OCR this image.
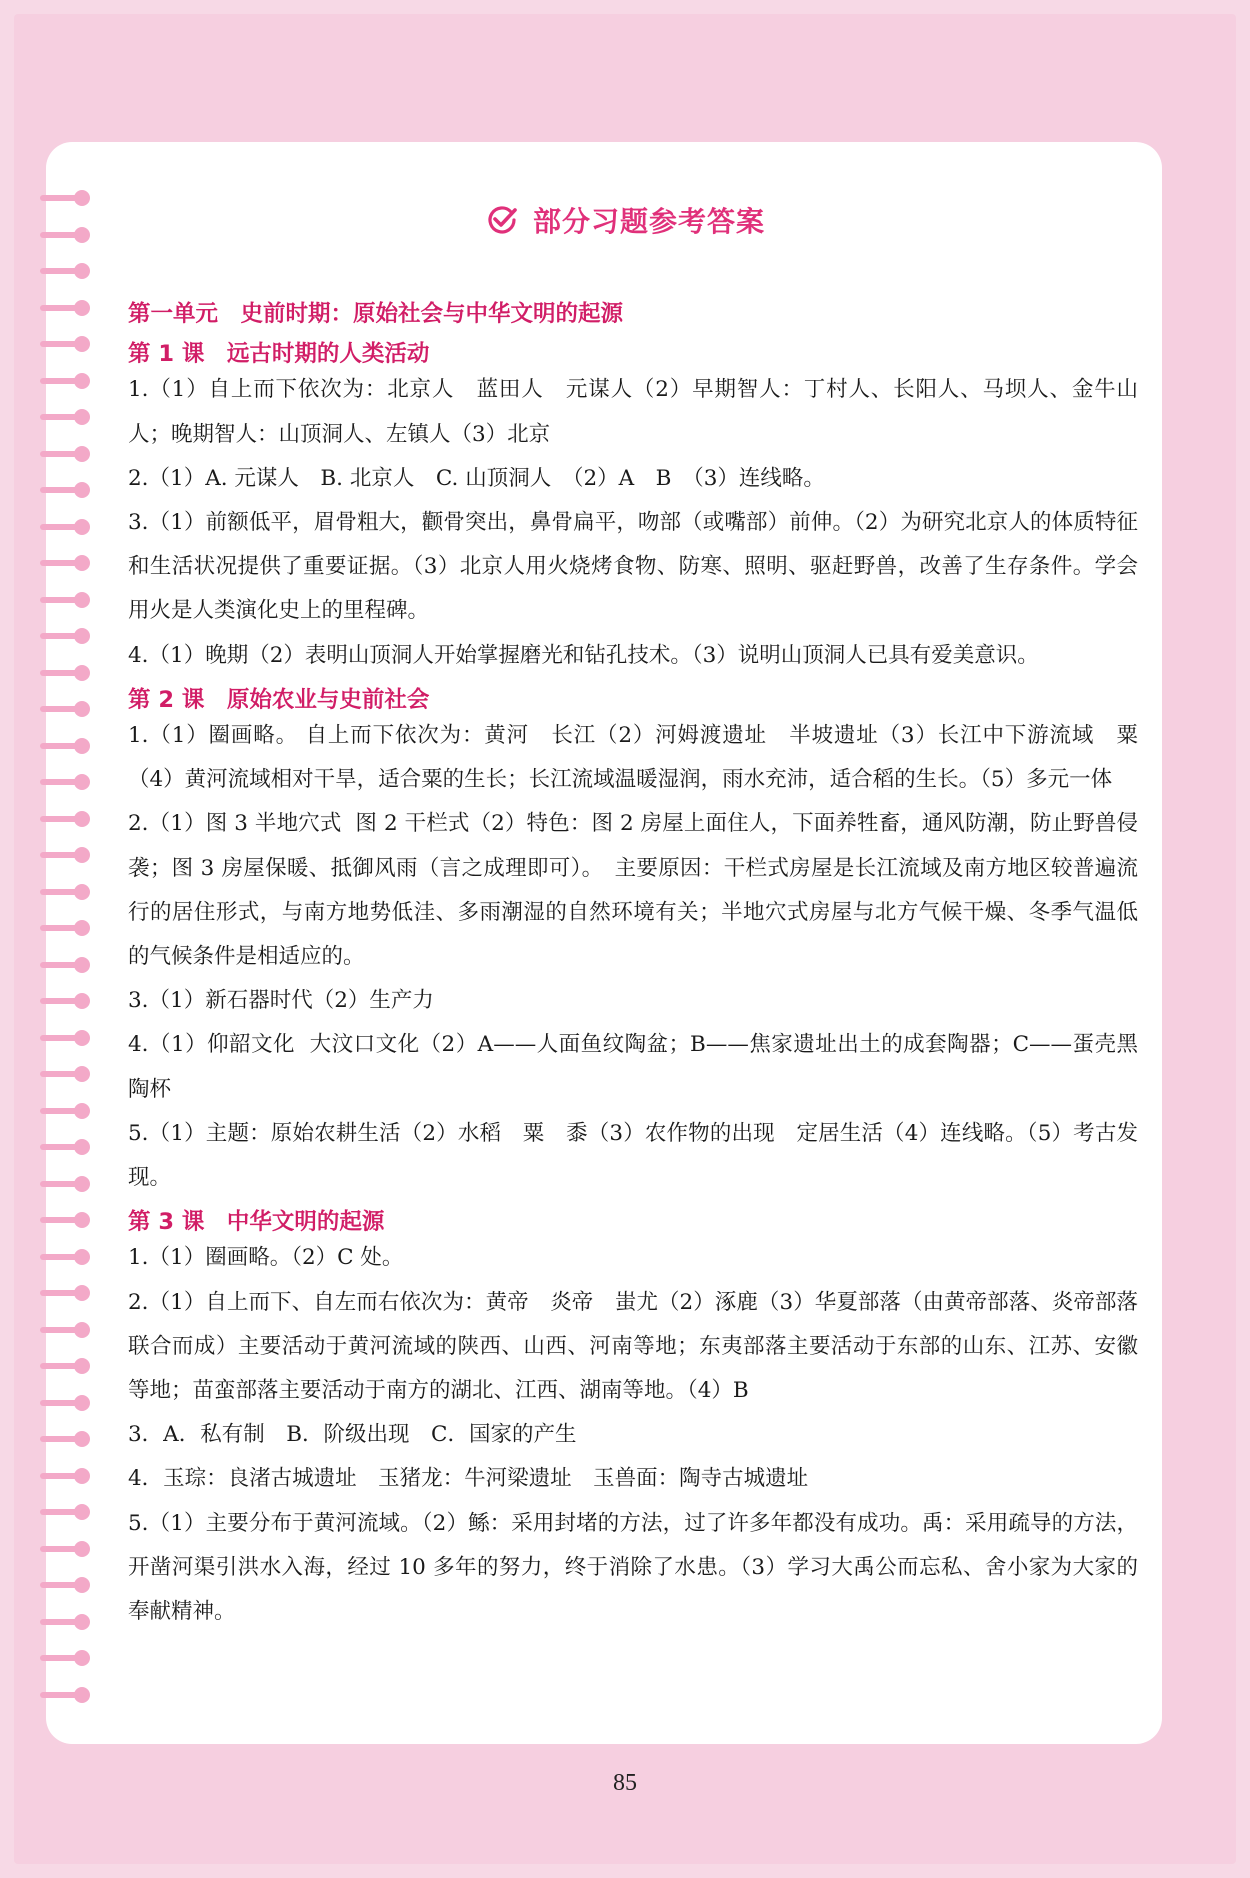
部分习题参考答案
第一单元　史前时期：原始社会与中华文明的起源
第 1 课　远古时期的人类活动

1.（1）自上而下依次为：北京人　蓝田人　元谋人（2）早期智人：丁村人、长阳人、马坝人、金牛山人；晚期智人：山顶洞人、左镇人（3）北京

2.（1）A. 元谋人　B. 北京人　C. 山顶洞人　（2）A　B　（3）连线略。

3.（1）前额低平，眉骨粗大，颧骨突出，鼻骨扁平，吻部（或嘴部）前伸。（2）为研究北京人的体质特征和生活状况提供了重要证据。（3）北京人用火烧烤食物、防寒、照明、驱赶野兽，改善了生存条件。学会用火是人类演化史上的里程碑。

4.（1）晚期（2）表明山顶洞人开始掌握磨光和钻孔技术。（3）说明山顶洞人已具有爱美意识。

第 2 课　原始农业与史前社会

1.（1）圈画略。 自上而下依次为：黄河　长江（2）河姆渡遗址　半坡遗址（3）长江中下游流域　粟（4）黄河流域相对干旱，适合粟的生长；长江流域温暖湿润，雨水充沛，适合稻的生长。（5）多元一体

2.（1）图 3 半地穴式  图 2 干栏式（2）特色：图 2 房屋上面住人，下面养牲畜，通风防潮，防止野兽侵袭；图 3 房屋保暖、抵御风雨（言之成理即可）。　主要原因：干栏式房屋是长江流域及南方地区较普遍流行的居住形式，与南方地势低洼、多雨潮湿的自然环境有关；半地穴式房屋与北方气候干燥、冬季气温低的气候条件是相适应的。

3.（1）新石器时代（2）生产力

4.（1）仰韶文化  大汶口文化（2）A——人面鱼纹陶盆；B——焦家遗址出土的成套陶器；C——蛋壳黑陶杯

5.（1）主题：原始农耕生活（2）水稻　粟　黍（3）农作物的出现　定居生活（4）连线略。（5）考古发现。

第 3 课　中华文明的起源

1.（1）圈画略。（2）C 处。

2.（1）自上而下、自左而右依次为：黄帝　炎帝　蚩尤（2）涿鹿（3）华夏部落（由黄帝部落、炎帝部落联合而成）主要活动于黄河流域的陕西、山西、河南等地；东夷部落主要活动于东部的山东、江苏、安徽等地；苗蛮部落主要活动于南方的湖北、江西、湖南等地。（4）B

3．A．私有制　B．阶级出现　C．国家的产生

4．玉琮：良渚古城遗址　玉猪龙：牛河梁遗址　玉兽面：陶寺古城遗址

5.（1）主要分布于黄河流域。（2）鲧：采用封堵的方法，过了许多年都没有成功。禹：采用疏导的方法，开凿河渠引洪水入海，经过 10 多年的努力，终于消除了水患。（3）学习大禹公而忘私、舍小家为大家的奉献精神。

85
